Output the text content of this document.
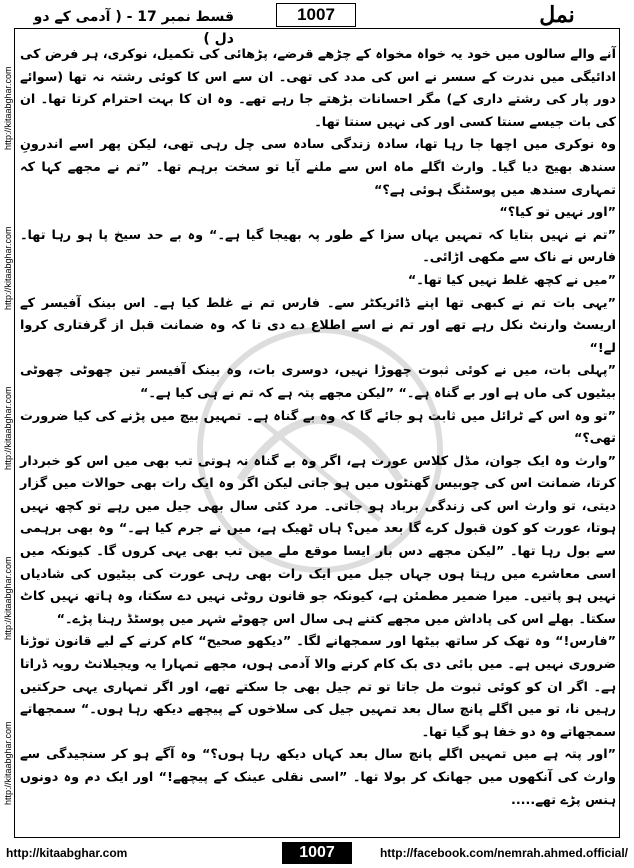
نمل
1007
قسط نمبر 17 - ( آدمی کے دو دل )
http://kitaabghar.com
http://kitaabghar.com
http://kitaabghar.com
http://kitaabghar.com
http://kitaabghar.com

آنے والے سالوں میں خود یہ خواہ مخواہ کے چڑھے قرضے، پڑھائی کی تکمیل، نوکری، ہر فرض کی ادائیگی میں ندرت کے سسر نے اس کی مدد کی تھی۔ ان سے اس کا کوئی رشتہ نہ تھا (سوائے دور پار کی رشتے داری کے) مگر احسانات بڑھتے جا رہے تھے۔ وہ ان کا بہت احترام کرتا تھا۔ ان کی بات جیسے سنتا کسی اور کی نہیں سنتا تھا۔

وہ نوکری میں اچھا جا رہا تھا، سادہ زندگی سادہ سی چل رہی تھی، لیکن پھر اسے اندرونِ سندھ بھیج دیا گیا۔ وارث اگلے ماہ اس سے ملنے آیا تو سخت برہم تھا۔ ”تم نے مجھے کہا کہ تمہاری سندھ میں پوسٹنگ ہوئی ہے؟“

”اور نہیں تو کیا؟“

”تم نے نہیں بتایا کہ تمہیں یہاں سزا کے طور پہ بھیجا گیا ہے۔“ وہ بے حد سیخ پا ہو رہا تھا۔ فارس نے ناک سے مکھی اڑائی۔

”میں نے کچھ غلط نہیں کیا تھا۔“

”یہی بات تم نے کبھی تھا اپنے ڈائریکٹر سے۔ فارس تم نے غلط کیا ہے۔ اس بینک آفیسر کے اریسٹ وارنٹ نکل رہے تھے اور تم نے اسے اطلاع دے دی تا کہ وہ ضمانت قبل از گرفتاری کروا لے!“

”پہلی بات، میں نے کوئی ثبوت چھوڑا نہیں، دوسری بات، وہ بینک آفیسر تین چھوٹی چھوٹی بیٹیوں کی ماں ہے اور بے گناہ ہے۔“ ”لیکن مجھے پتہ ہے کہ تم نے ہی کیا ہے۔“

”تو وہ اس کے ٹرائل میں ثابت ہو جائے گا کہ وہ بے گناہ ہے۔ تمہیں بیچ میں پڑنے کی کیا ضرورت تھی؟“

”وارث وہ ایک جوان، مڈل کلاس عورت ہے، اگر وہ بے گناہ نہ ہوتی تب بھی میں اس کو خبردار کرتا، ضمانت اس کی چوبیس گھنٹوں میں ہو جاتی لیکن اگر وہ ایک رات بھی حوالات میں گزار دیتی، تو وارث اس کی زندگی برباد ہو جاتی۔ مرد کئی سال بھی جیل میں رہے تو کچھ نہیں ہوتا، عورت کو کون قبول کرے گا بعد میں؟ ہاں ٹھیک ہے، میں نے جرم کیا ہے۔“ وہ بھی برہمی سے بول رہا تھا۔ ”لیکن مجھے دس بار ایسا موقع ملے میں تب بھی یہی کروں گا۔ کیونکہ میں اسی معاشرے میں رہتا ہوں جہاں جیل میں ایک رات بھی رہی عورت کی بیٹیوں کی شادیاں نہیں ہو پاتیں۔ میرا ضمیر مطمئن ہے، کیونکہ جو قانون روٹی نہیں دے سکتا، وہ ہاتھ نہیں کاٹ سکتا۔ بھلے اس کی پاداش میں مجھے کتنے ہی سال اس چھوٹے شہر میں پوسٹڈ رہنا پڑے۔“

”فارس!“ وہ تھک کر ساتھ بیٹھا اور سمجھانے لگا۔ ”دیکھو صحیح“ کام کرنے کے لیے قانون توڑنا ضروری نہیں ہے۔ میں بائی دی بک کام کرنے والا آدمی ہوں، مجھے تمہارا یہ ویجیلانٹ رویہ ڈراتا ہے۔ اگر ان کو کوئی ثبوت مل جاتا تو تم جیل بھی جا سکتے تھے، اور اگر تمہاری یہی حرکتیں رہیں نا، تو میں اگلے پانچ سال بعد تمہیں جیل کی سلاخوں کے پیچھے دیکھ رہا ہوں۔“ سمجھاتے سمجھاتے وہ دو خفا ہو گیا تھا۔

”اور پتہ ہے میں تمہیں اگلے پانچ سال بعد کہاں دیکھ رہا ہوں؟“ وہ آگے ہو کر سنجیدگی سے وارث کی آنکھوں میں جھانک کر بولا تھا۔ ”اسی نقلی عینک کے پیچھے!“ اور ایک دم وہ دونوں ہنس پڑے تھے.....

http://kitaabghar.com	1007	http://facebook.com/nemrah.ahmed.official/
